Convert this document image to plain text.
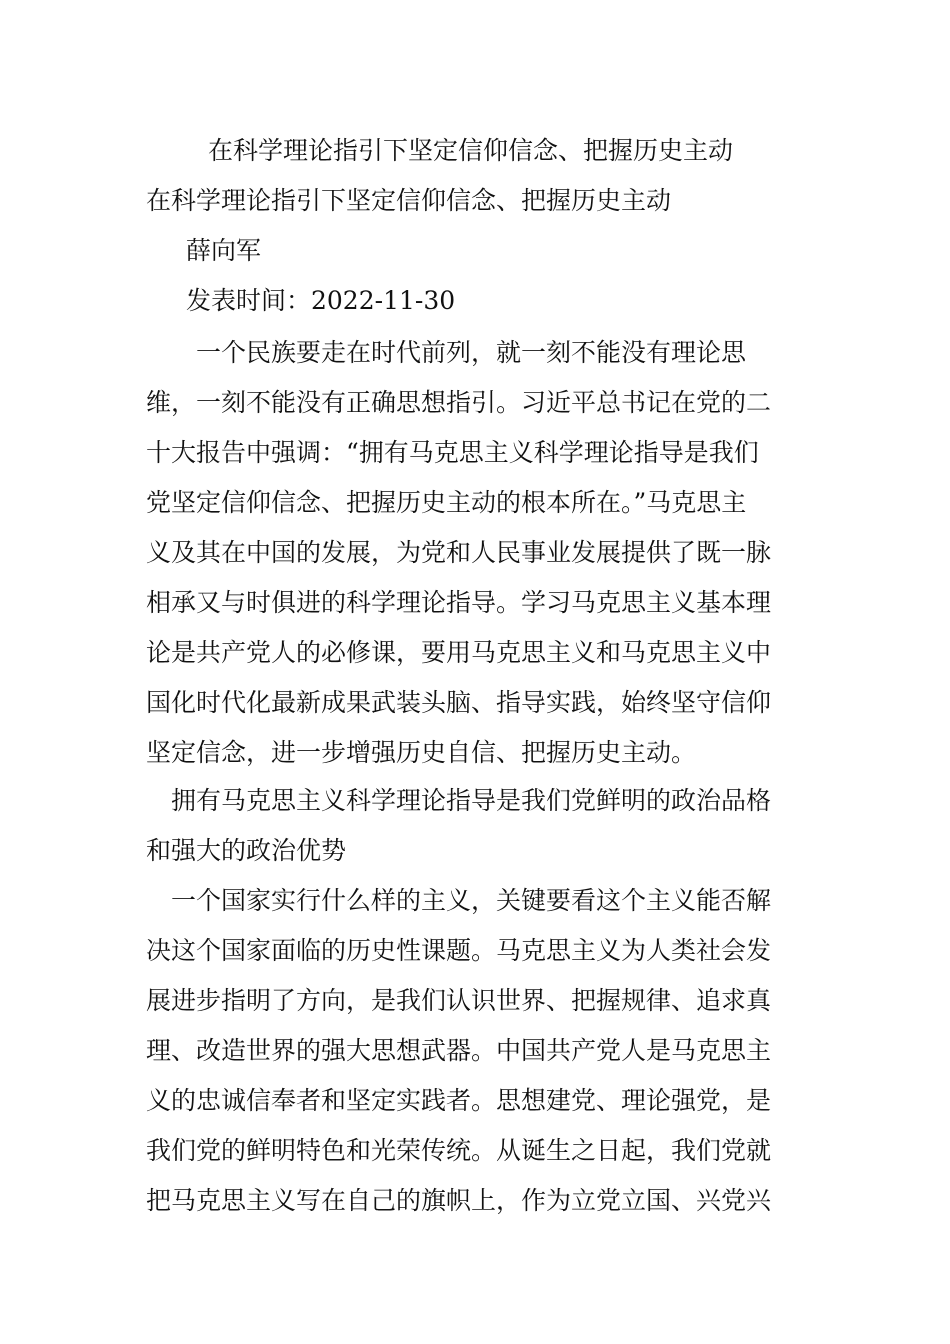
在科学理论指引下坚定信仰信念、把握历史主动
在科学理论指引下坚定信仰信念、把握历史主动
薛向军
发表时间：2022-11-30
　　一个民族要走在时代前列，就一刻不能没有理论思
维，一刻不能没有正确思想指引。习近平总书记在党的二
十大报告中强调：“拥有马克思主义科学理论指导是我们
党坚定信仰信念、把握历史主动的根本所在。”马克思主
义及其在中国的发展，为党和人民事业发展提供了既一脉
相承又与时俱进的科学理论指导。学习马克思主义基本理
论是共产党人的必修课，要用马克思主义和马克思主义中
国化时代化最新成果武装头脑、指导实践，始终坚守信仰
坚定信念，进一步增强历史自信、把握历史主动。
　拥有马克思主义科学理论指导是我们党鲜明的政治品格
和强大的政治优势
　一个国家实行什么样的主义，关键要看这个主义能否解
决这个国家面临的历史性课题。马克思主义为人类社会发
展进步指明了方向，是我们认识世界、把握规律、追求真
理、改造世界的强大思想武器。中国共产党人是马克思主
义的忠诚信奉者和坚定实践者。思想建党、理论强党，是
我们党的鲜明特色和光荣传统。从诞生之日起，我们党就
把马克思主义写在自己的旗帜上，作为立党立国、兴党兴
